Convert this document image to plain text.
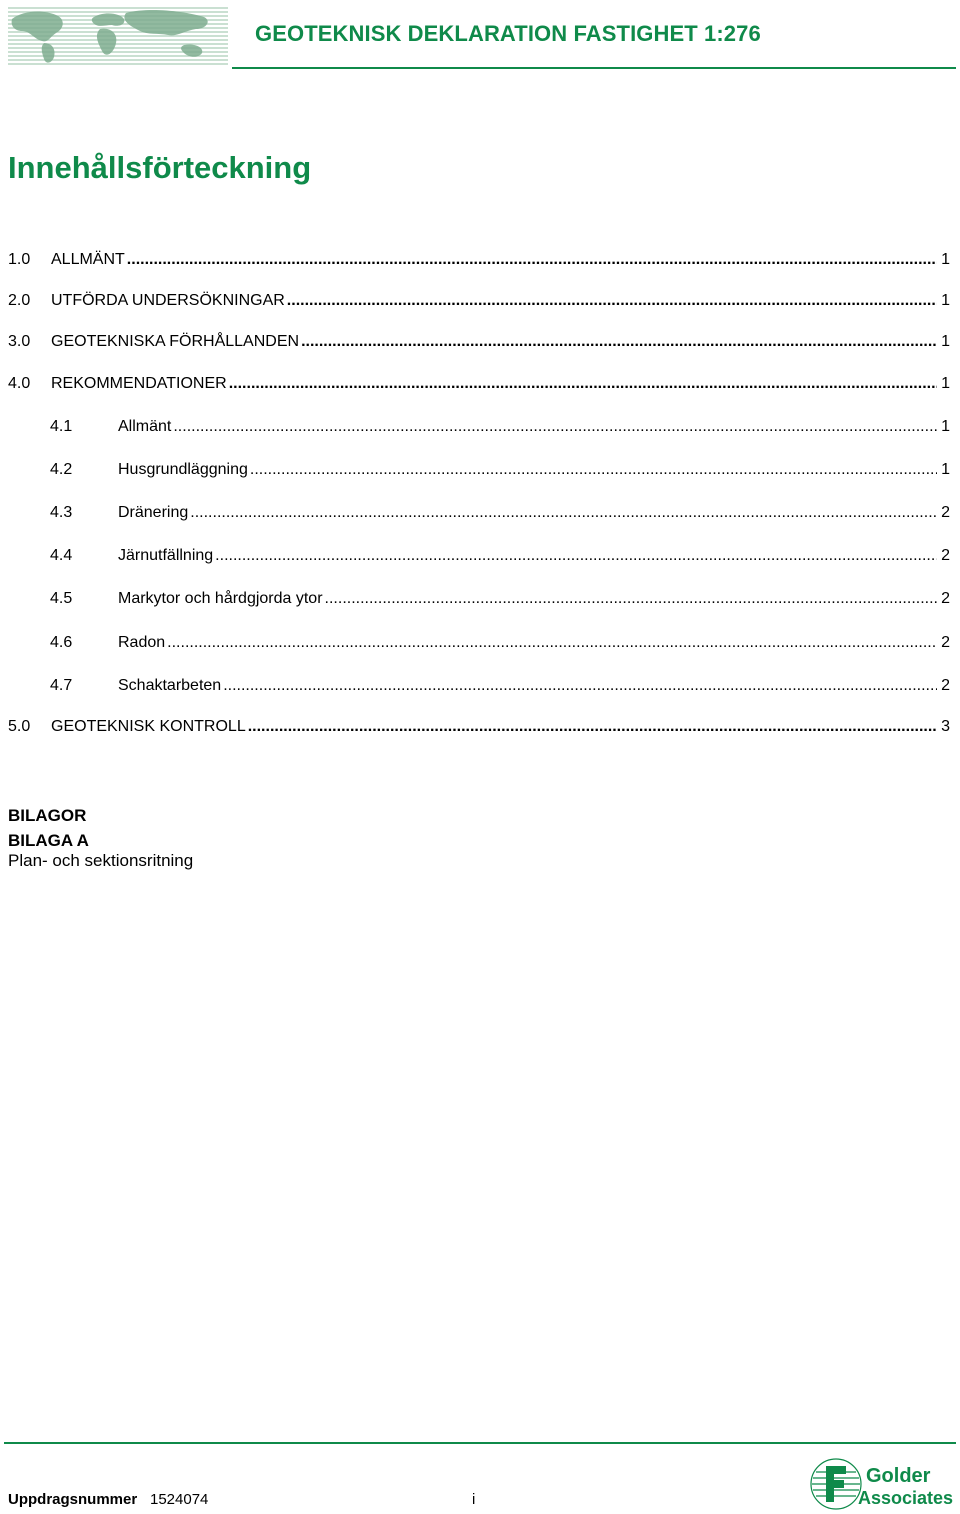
GEOTEKNISK DEKLARATION FASTIGHET 1:276
Innehållsförteckning
1.0 ALLMÄNT .....	1
2.0 UTFÖRDA UNDERSÖKNINGAR .....	1
3.0 GEOTEKNISKA FÖRHÅLLANDEN .....	1
4.0 REKOMMENDATIONER .....	1
4.1	Allmänt .....	1
4.2	Husgrundläggning .....	1
4.3	Dränering .....	2
4.4	Järnutfällning .....	2
4.5	Markytor och hårdgjorda ytor .....	2
4.6	Radon .....	2
4.7	Schaktarbeten .....	2
5.0 GEOTEKNISK KONTROLL .....	3
BILAGOR
BILAGA A
Plan- och sektionsritning
Uppdragsnummer 1524074	i
Golder
Associates
